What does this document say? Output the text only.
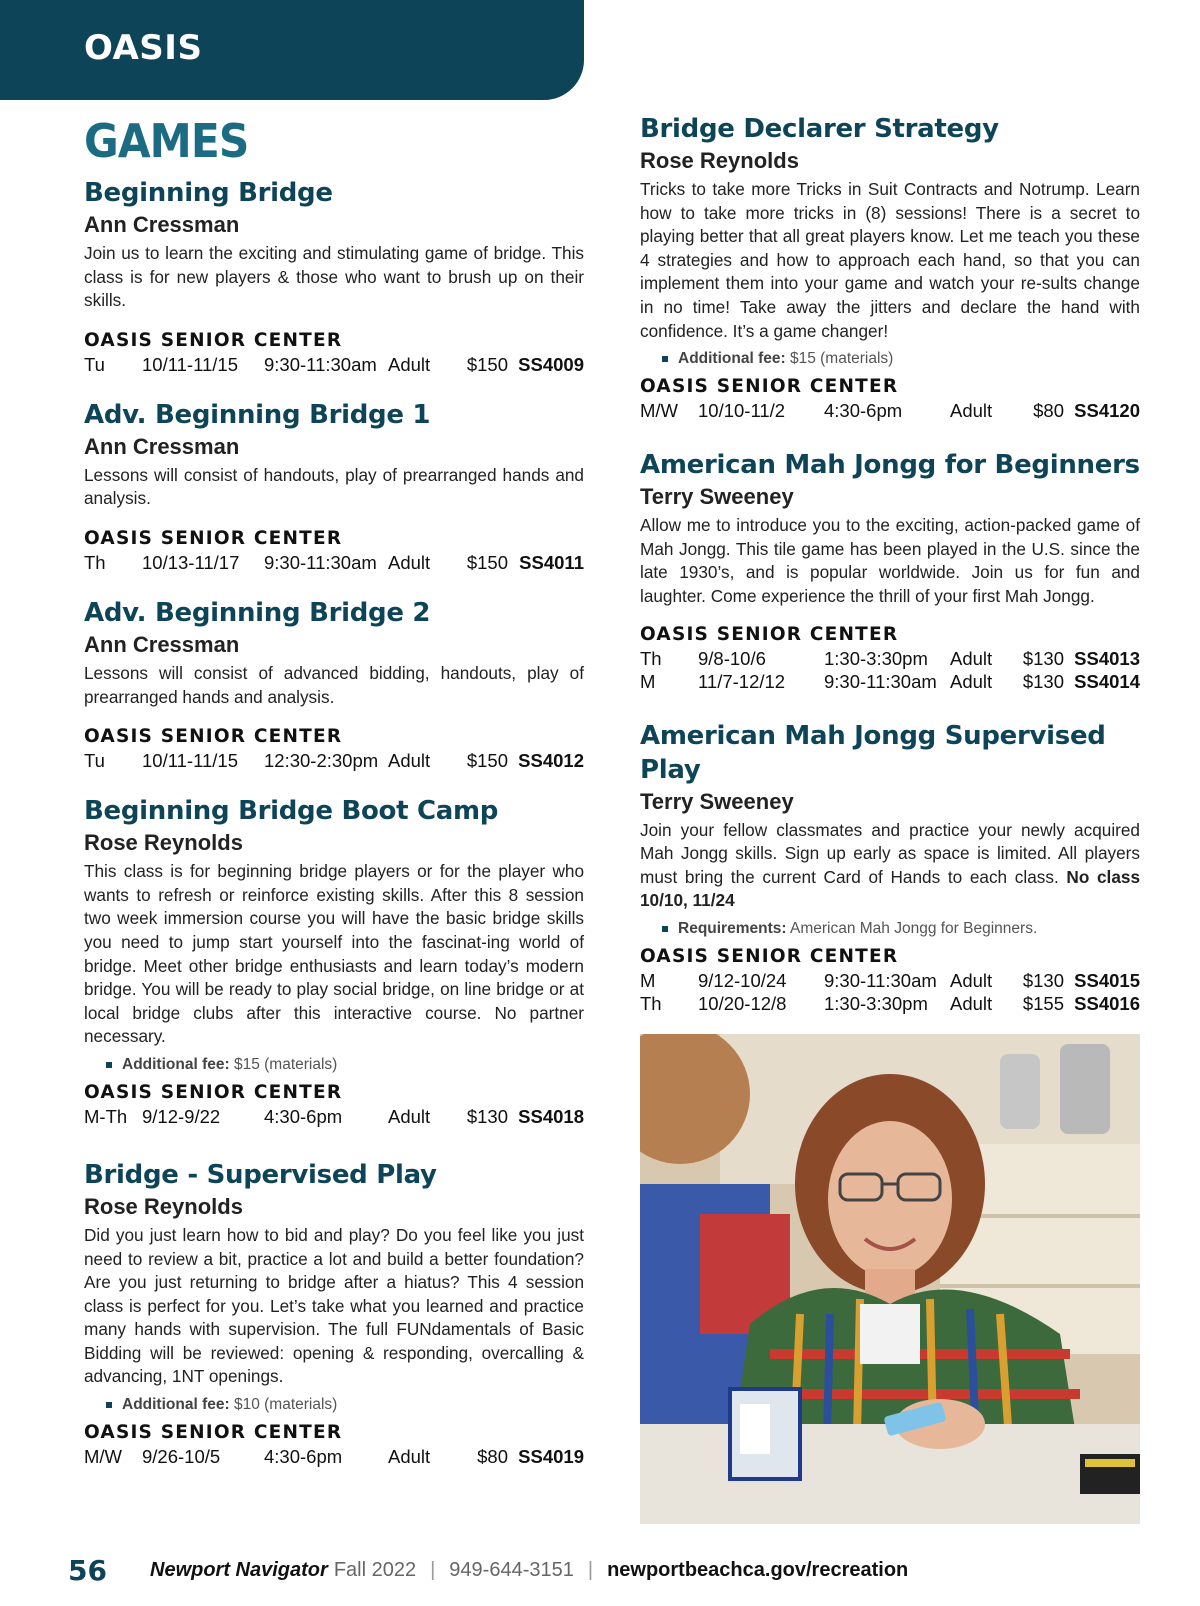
OASIS
GAMES
Beginning Bridge
Ann Cressman
Join us to learn the exciting and stimulating game of bridge. This class is for new players & those who want to brush up on their skills.
OASIS SENIOR CENTER
Tu	10/11-11/15	9:30-11:30am Adult	$150 SS4009
Adv. Beginning Bridge 1
Ann Cressman
Lessons will consist of handouts, play of prearranged hands and analysis.
OASIS SENIOR CENTER
Th	10/13-11/17	9:30-11:30am Adult	$150 SS4011
Adv. Beginning Bridge 2
Ann Cressman
Lessons will consist of advanced bidding, handouts, play of prearranged hands and analysis.
OASIS SENIOR CENTER
Tu	10/11-11/15	12:30-2:30pm Adult	$150 SS4012
Beginning Bridge Boot Camp
Rose Reynolds
This class is for beginning bridge players or for the player who wants to refresh or reinforce existing skills. After this 8 session two week immersion course you will have the basic bridge skills you need to jump start yourself into the fascinat-ing world of bridge. Meet other bridge enthusiasts and learn today’s modern bridge. You will be ready to play social bridge, on line bridge or at local bridge clubs after this interactive course. No partner necessary.
Additional fee: $15 (materials)
OASIS SENIOR CENTER
M-Th 9/12-9/22	4:30-6pm	Adult	$130 SS4018
Bridge - Supervised Play
Rose Reynolds
Did you just learn how to bid and play? Do you feel like you just need to review a bit, practice a lot and build a better foundation? Are you just returning to bridge after a hiatus? This 4 session class is perfect for you. Let’s take what you learned and practice many hands with supervision. The full FUNdamentals of Basic Bidding will be reviewed: opening & responding, overcalling & advancing, 1NT openings.
Additional fee: $10 (materials)
OASIS SENIOR CENTER
M/W	9/26-10/5	4:30-6pm	Adult	$80 SS4019
Bridge Declarer Strategy
Rose Reynolds
Tricks to take more Tricks in Suit Contracts and Notrump. Learn how to take more tricks in (8) sessions! There is a secret to playing better that all great players know. Let me teach you these 4 strategies and how to approach each hand, so that you can implement them into your game and watch your re-sults change in no time! Take away the jitters and declare the hand with confidence. It’s a game changer!
Additional fee: $15 (materials)
OASIS SENIOR CENTER
M/W	10/10-11/2	4:30-6pm	Adult	$80 SS4120
American Mah Jongg for Beginners
Terry Sweeney
Allow me to introduce you to the exciting, action-packed game of Mah Jongg. This tile game has been played in the U.S. since the late 1930’s, and is popular worldwide. Join us for fun and laughter. Come experience the thrill of your first Mah Jongg.
OASIS SENIOR CENTER
Th	9/8-10/6	1:30-3:30pm	Adult	$130 SS4013
M	11/7-12/12	9:30-11:30am Adult	$130 SS4014
American Mah Jongg Supervised Play
Terry Sweeney
Join your fellow classmates and practice your newly acquired Mah Jongg skills. Sign up early as space is limited. All players must bring the current Card of Hands to each class. No class 10/10, 11/24
Requirements: American Mah Jongg for Beginners.
OASIS SENIOR CENTER
M	9/12-10/24	9:30-11:30am Adult	$130 SS4015
Th	10/20-12/8	1:30-3:30pm	Adult	$155 SS4016
56	Newport Navigator Fall 2022 | 949-644-3151 | newportbeachca.gov/recreation
